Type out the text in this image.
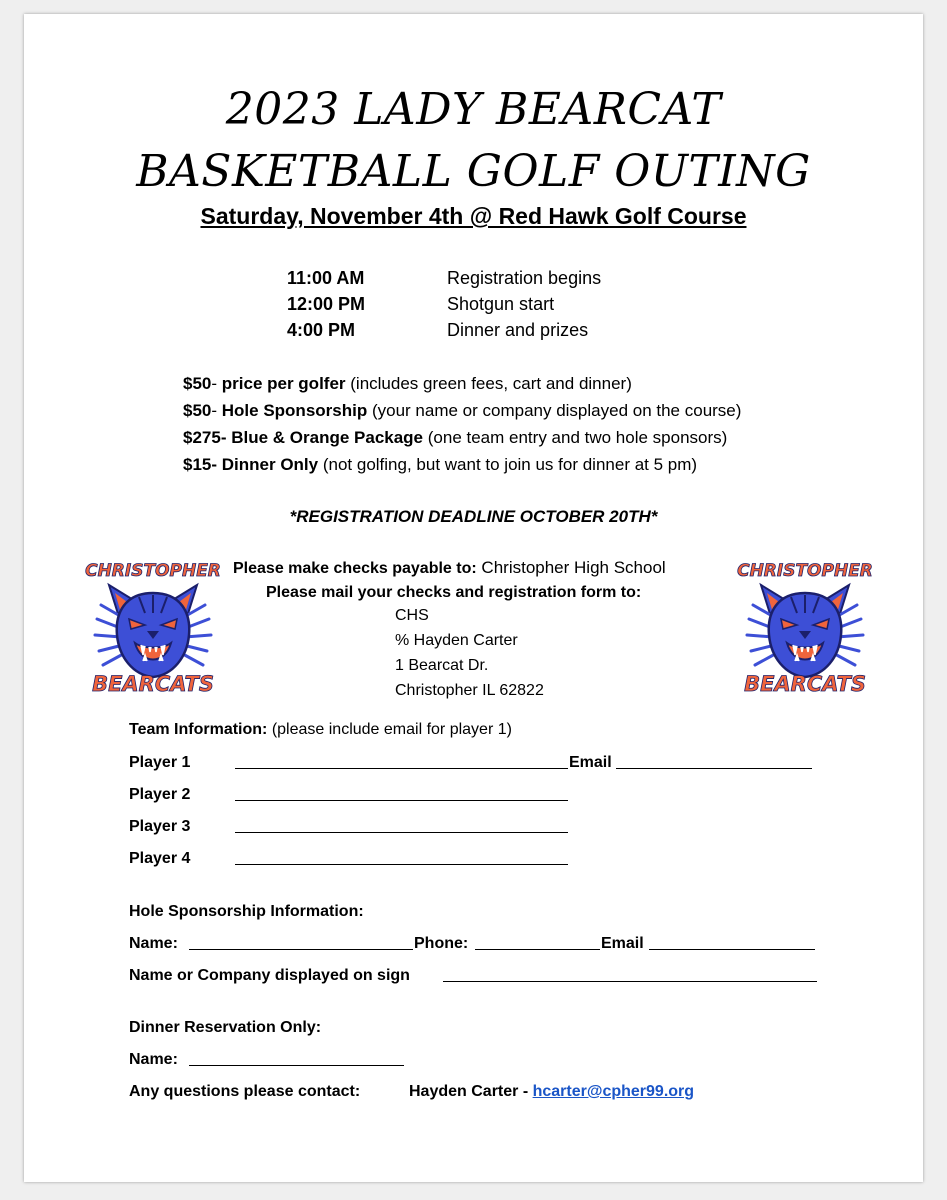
2023 LADY BEARCAT
BASKETBALL GOLF OUTING
Saturday, November 4th @ Red Hawk Golf Course
11:00 AM	Registration begins
12:00 PM	Shotgun start
4:00 PM	Dinner and prizes
$50- price per golfer (includes green fees, cart and dinner)
$50- Hole Sponsorship (your name or company displayed on the course)
$275- Blue & Orange Package (one team entry and two hole sponsors)
$15- Dinner Only (not golfing, but want to join us for dinner at 5 pm)
*REGISTRATION DEADLINE OCTOBER 20TH*
CHRISTOPHER
BEARCATS
CHRISTOPHER
BEARCATS
Please make checks payable to: Christopher High School
Please mail your checks and registration form to:
CHS
% Hayden Carter
1 Bearcat Dr.
Christopher IL 62822
Team Information: (please include email for player 1)
Player 1	Email
Player 2
Player 3
Player 4
Hole Sponsorship Information:
Name:	Phone:	Email
Name or Company displayed on sign
Dinner Reservation Only:
Name:
Any questions please contact:	Hayden Carter - hcarter@cpher99.org
